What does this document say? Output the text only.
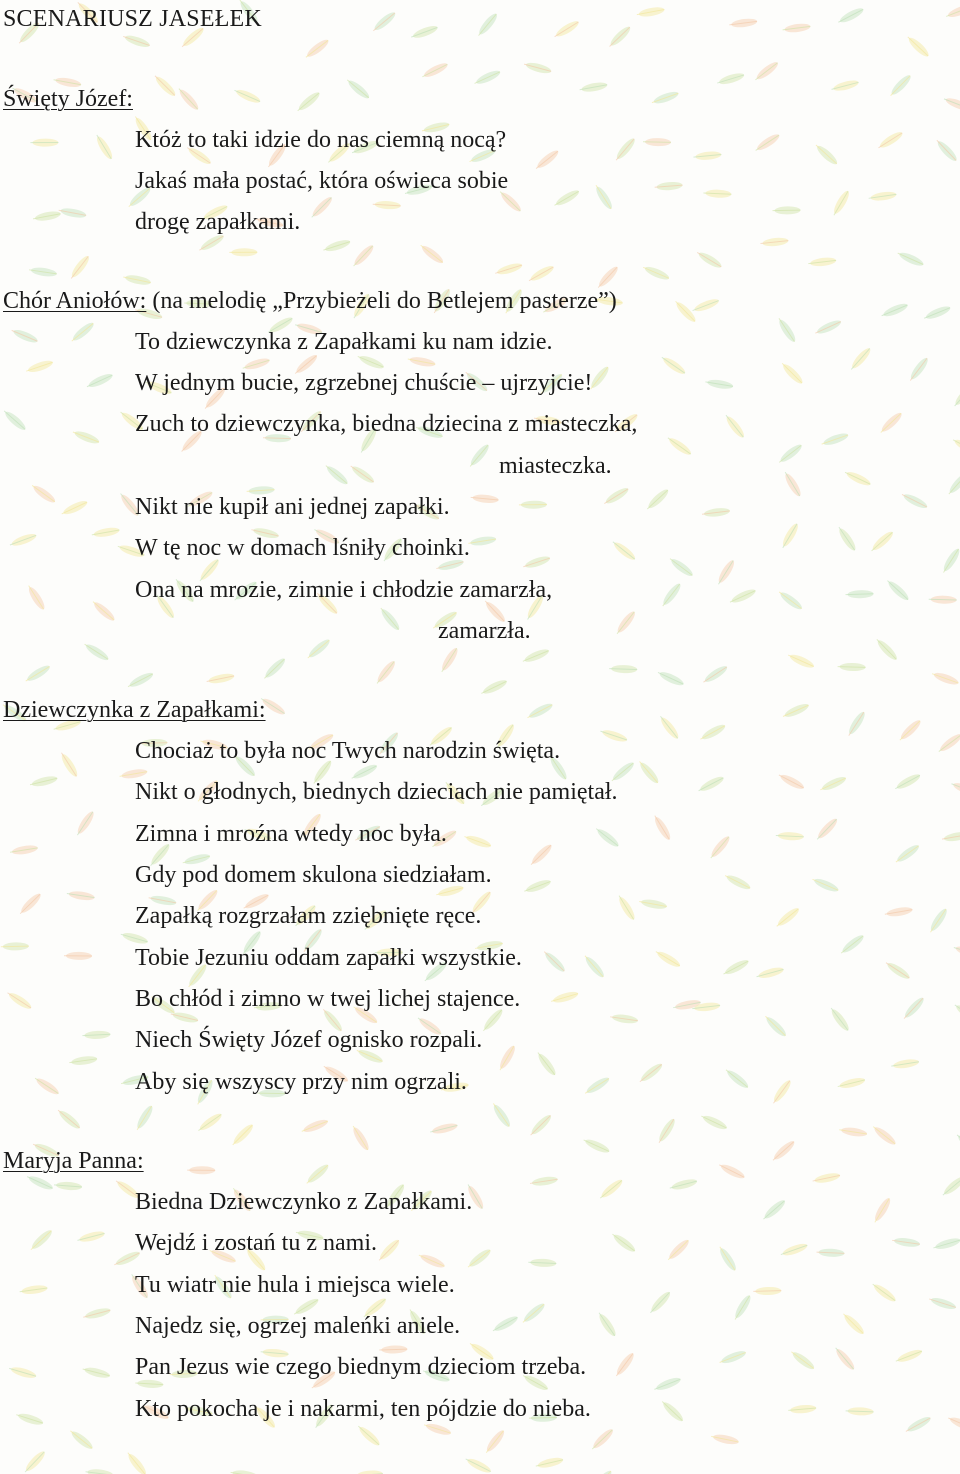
SCENARIUSZ JASEŁEK
Święty Józef:
Któż to taki idzie do nas ciemną nocą?
Jakaś mała postać, która oświeca sobie
drogę zapałkami.
Chór Aniołów: (na melodię „Przybieżeli do Betlejem pasterze”)
To dziewczynka z Zapałkami ku nam idzie.
W jednym bucie, zgrzebnej chuście – ujrzyjcie!
Zuch to dziewczynka, biedna dziecina z miasteczka,
miasteczka.
Nikt nie kupił ani jednej zapałki.
W tę noc w domach lśniły choinki.
Ona na mrozie, zimnie i chłodzie zamarzła,
zamarzła.
Dziewczynka z Zapałkami:
Chociaż to była noc Twych narodzin święta.
Nikt o głodnych, biednych dzieciach nie pamiętał.
Zimna i mroźna wtedy noc była.
Gdy pod domem skulona siedziałam.
Zapałką rozgrzałam zziębnięte ręce.
Tobie Jezuniu oddam zapałki wszystkie.
Bo chłód i zimno w twej lichej stajence.
Niech Święty Józef ognisko rozpali.
Aby się wszyscy przy nim ogrzali.
Maryja Panna:
Biedna Dziewczynko z Zapałkami.
Wejdź i zostań tu z nami.
Tu wiatr nie hula i miejsca wiele.
Najedz się, ogrzej maleńki aniele.
Pan Jezus wie czego biednym dzieciom trzeba.
Kto pokocha je i nakarmi, ten pójdzie do nieba.
